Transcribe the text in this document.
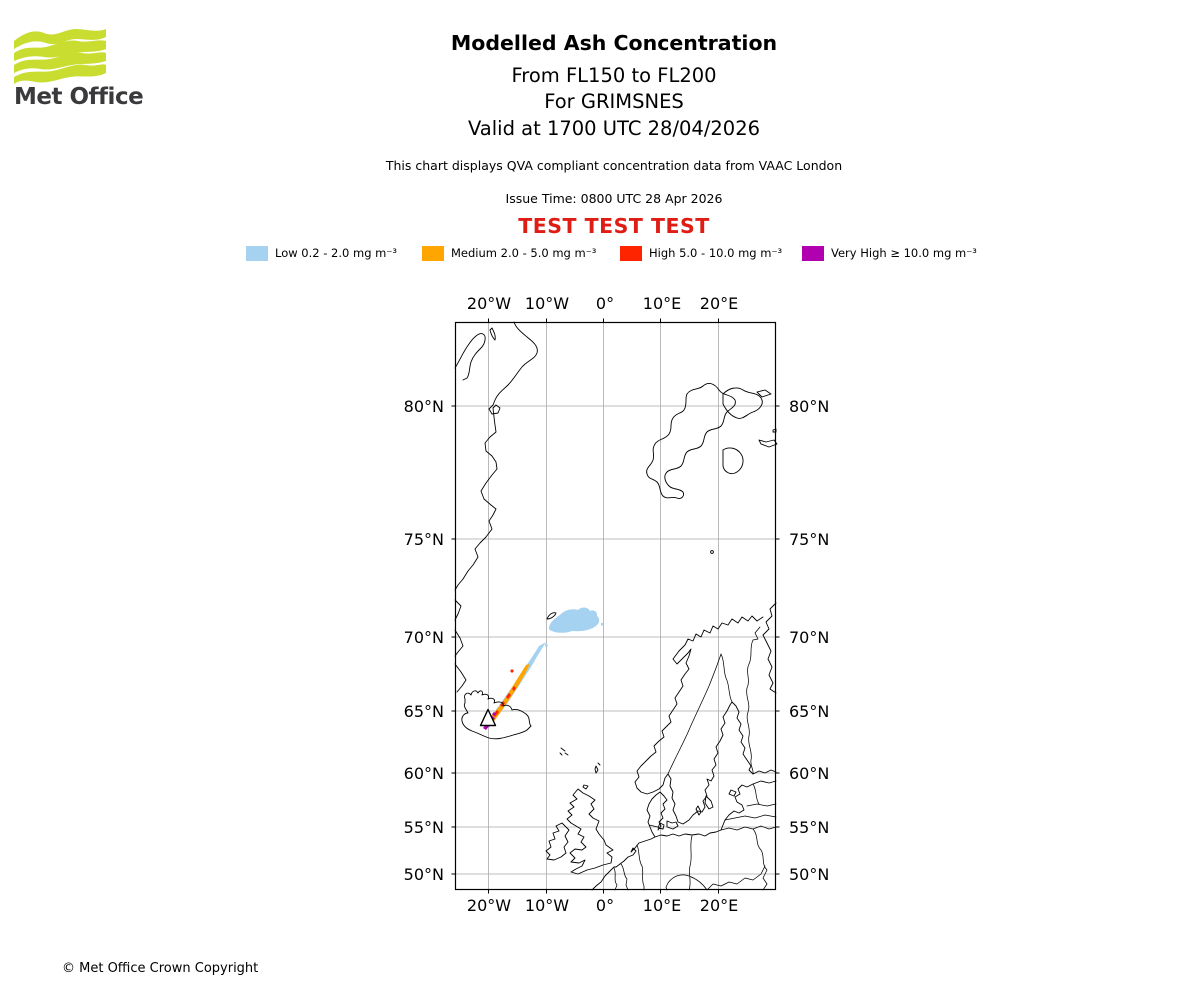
Met Office
Modelled Ash Concentration
From FL150 to FL200
For GRIMSNES
Valid at 1700 UTC 28/04/2026
This chart displays QVA compliant concentration data from VAAC London
Issue Time: 0800 UTC 28 Apr 2026
TEST TEST TEST
Low 0.2 - 2.0 mg m⁻³	Medium 2.0 - 5.0 mg m⁻³	High 5.0 - 10.0 mg m⁻³	Very High ≥ 10.0 mg m⁻³
20°W 10°W	0°	10°E	20°E
20°W 10°W	0°	10°E	20°E
80°N
75°N
70°N
65°N
60°N
55°N
50°N
80°N
75°N
70°N
65°N
60°N
55°N
50°N
© Met Office Crown Copyright
